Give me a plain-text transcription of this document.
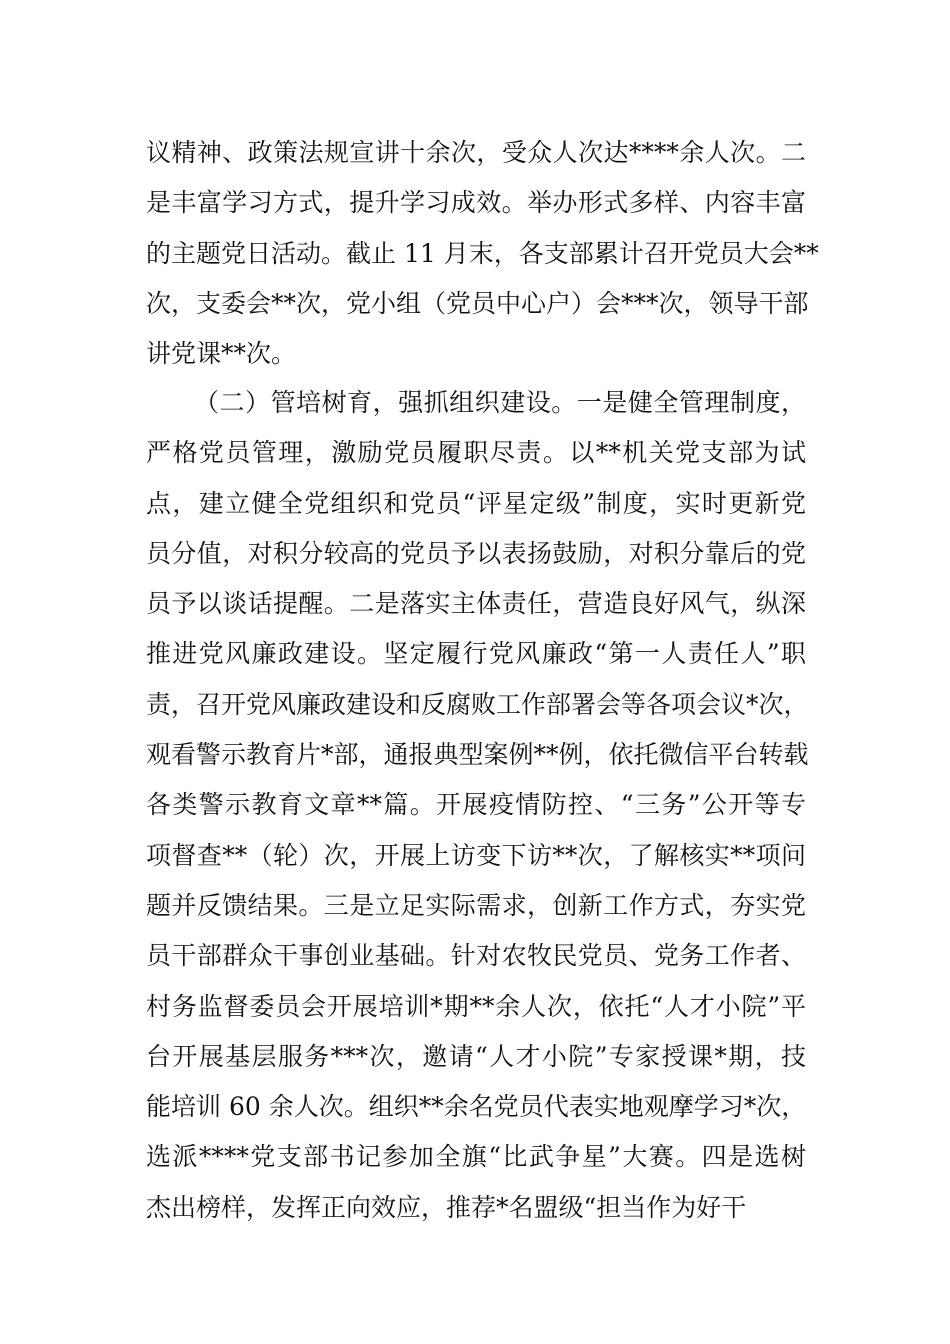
议精神、政策法规宣讲十余次，受众人次达****余人次。二
是丰富学习方式，提升学习成效。举办形式多样、内容丰富
的主题党日活动。截止 11 月末，各支部累计召开党员大会**
次，支委会**次，党小组（党员中心户）会***次，领导干部
讲党课**次。
（二）管培树育，强抓组织建设。一是健全管理制度，
严格党员管理，激励党员履职尽责。以**机关党支部为试
点，建立健全党组织和党员“评星定级”制度，实时更新党
员分值，对积分较高的党员予以表扬鼓励，对积分靠后的党
员予以谈话提醒。二是落实主体责任，营造良好风气，纵深
推进党风廉政建设。坚定履行党风廉政“第一人责任人”职
责，召开党风廉政建设和反腐败工作部署会等各项会议*次，
观看警示教育片*部，通报典型案例**例，依托微信平台转载
各类警示教育文章**篇。开展疫情防控、“三务”公开等专
项督查**（轮）次，开展上访变下访**次，了解核实**项问
题并反馈结果。三是立足实际需求，创新工作方式，夯实党
员干部群众干事创业基础。针对农牧民党员、党务工作者、
村务监督委员会开展培训*期**余人次，依托“人才小院”平
台开展基层服务***次，邀请“人才小院”专家授课*期，技
能培训 60 余人次。组织**余名党员代表实地观摩学习*次，
选派****党支部书记参加全旗“比武争星”大赛。四是选树
杰出榜样，发挥正向效应，推荐*名盟级“担当作为好干
